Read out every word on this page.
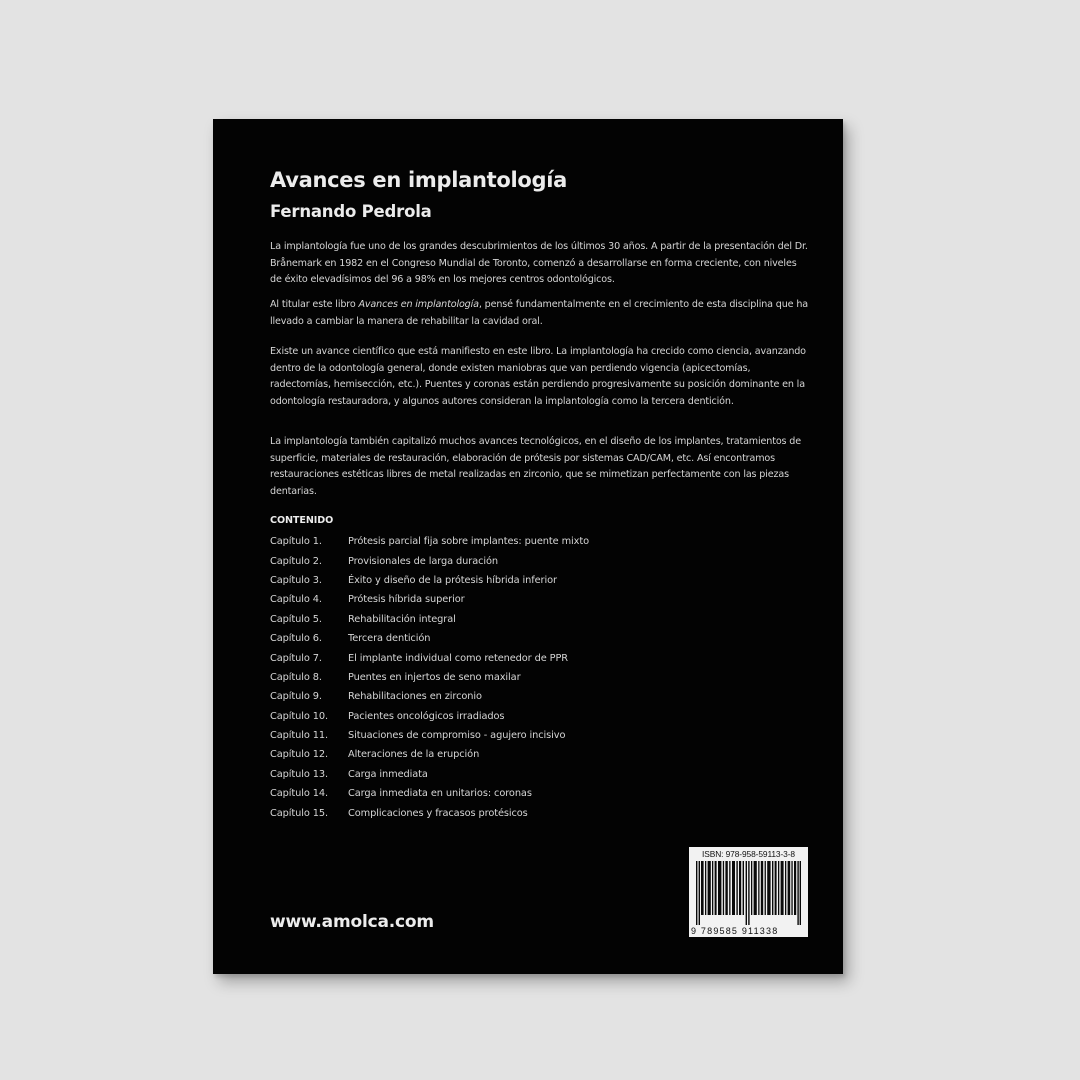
Avances en implantología
Fernando Pedrola

La implantología fue uno de los grandes descubrimientos de los últimos 30 años. A partir de la presentación del Dr. Brånemark en 1982 en el Congreso Mundial de Toronto, comenzó a desarrollarse en forma creciente, con niveles de éxito elevadísimos del 96 a 98% en los mejores centros odontológicos.

Al titular este libro Avances en implantología, pensé fundamentalmente en el crecimiento de esta disciplina que ha llevado a cambiar la manera de rehabilitar la cavidad oral.

Existe un avance científico que está manifiesto en este libro. La implantología ha crecido como ciencia, avanzando dentro de la odontología general, donde existen maniobras que van perdiendo vigencia (apicectomías, radectomías, hemisección, etc.). Puentes y coronas están perdiendo progresivamente su posición dominante en la odontología restauradora, y algunos autores consideran la implantología como la tercera dentición.

La implantología también capitalizó muchos avances tecnológicos, en el diseño de los implantes, tratamientos de superficie, materiales de restauración, elaboración de prótesis por sistemas CAD/CAM, etc. Así encontramos restauraciones estéticas libres de metal realizadas en zirconio, que se mimetizan perfectamente con las piezas dentarias.

CONTENIDO
Capítulo 1.	Prótesis parcial fija sobre implantes: puente mixto
Capítulo 2.	Provisionales de larga duración
Capítulo 3.	Éxito y diseño de la prótesis híbrida inferior
Capítulo 4.	Prótesis híbrida superior
Capítulo 5.	Rehabilitación integral
Capítulo 6.	Tercera dentición
Capítulo 7.	El implante individual como retenedor de PPR
Capítulo 8.	Puentes en injertos de seno maxilar
Capítulo 9.	Rehabilitaciones en zirconio
Capítulo 10.	Pacientes oncológicos irradiados
Capítulo 11.	Situaciones de compromiso - agujero incisivo
Capítulo 12.	Alteraciones de la erupción
Capítulo 13.	Carga inmediata
Capítulo 14.	Carga inmediata en unitarios: coronas
Capítulo 15.	Complicaciones y fracasos protésicos
www.amolca.com
ISBN: 978-958-59113-3-8
9 789585 911338
